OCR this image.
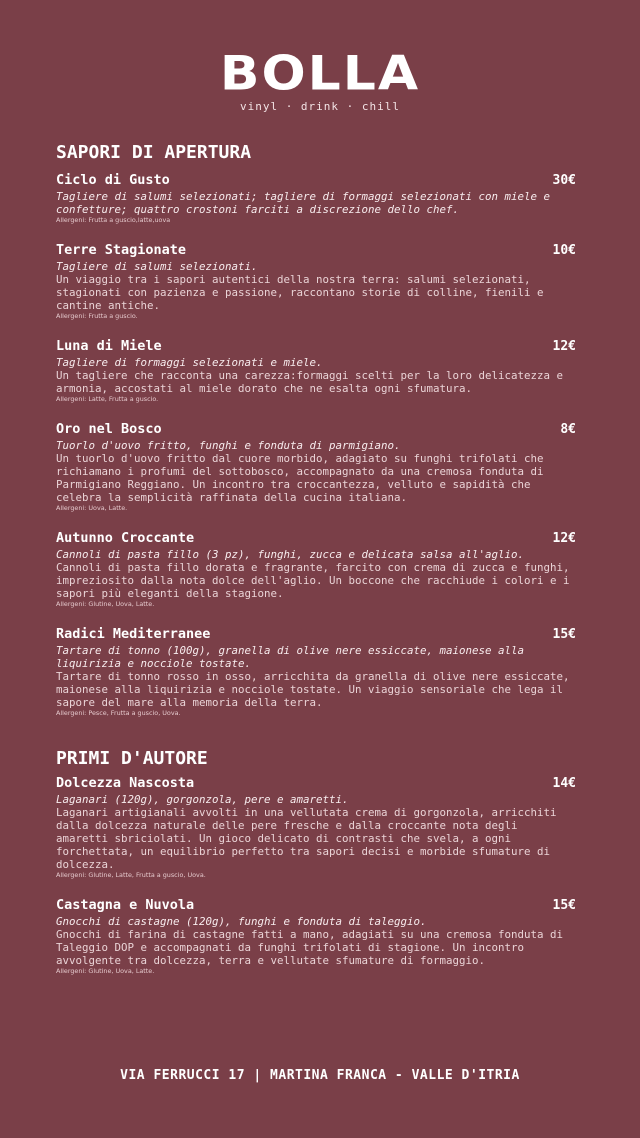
BOLLA
vinyl · drink · chill
SAPORI DI APERTURA
Ciclo di Gusto	30€
Tagliere di salumi selezionati; tagliere di formaggi selezionati con miele e confetture; quattro crostoni farciti a discrezione dello chef.
Allergeni: Frutta a guscio,latte,uova
Terre Stagionate	10€
Tagliere di salumi selezionati.
Un viaggio tra i sapori autentici della nostra terra: salumi selezionati, stagionati con pazienza e passione, raccontano storie di colline, fienili e cantine antiche.
Allergeni: Frutta a guscio.
Luna di Miele	12€
Tagliere di formaggi selezionati e miele.
Un tagliere che racconta una carezza:formaggi scelti per la loro delicatezza e armonia, accostati al miele dorato che ne esalta ogni sfumatura.
Allergeni: Latte, Frutta a guscio.
Oro nel Bosco	8€
Tuorlo d'uovo fritto, funghi e fonduta di parmigiano.
Un tuorlo d'uovo fritto dal cuore morbido, adagiato su funghi trifolati che richiamano i profumi del sottobosco, accompagnato da una cremosa fonduta di Parmigiano Reggiano. Un incontro tra croccantezza, velluto e sapidità che celebra la semplicità raffinata della cucina italiana.
Allergeni: Uova, Latte.
Autunno Croccante	12€
Cannoli di pasta fillo (3 pz), funghi, zucca e delicata salsa all'aglio.
Cannoli di pasta fillo dorata e fragrante, farcito con crema di zucca e funghi, impreziosito dalla nota dolce dell'aglio. Un boccone che racchiude i colori e i sapori più eleganti della stagione.
Allergeni: Glutine, Uova, Latte.
Radici Mediterranee	15€
Tartare di tonno (100g), granella di olive nere essiccate, maionese alla liquirizia e nocciole tostate.
Tartare di tonno rosso in osso, arricchita da granella di olive nere essiccate, maionese alla liquirizia e nocciole tostate. Un viaggio sensoriale che lega il sapore del mare alla memoria della terra.
Allergeni: Pesce, Frutta a guscio, Uova.
PRIMI D'AUTORE
Dolcezza Nascosta	14€
Laganari (120g), gorgonzola, pere e amaretti.
Laganari artigianali avvolti in una vellutata crema di gorgonzola, arricchiti dalla dolcezza naturale delle pere fresche e dalla croccante nota degli amaretti sbriciolati. Un gioco delicato di contrasti che svela, a ogni forchettata, un equilibrio perfetto tra sapori decisi e morbide sfumature di dolcezza.
Allergeni: Glutine, Latte, Frutta a guscio, Uova.
Castagna e Nuvola	15€
Gnocchi di castagne (120g), funghi e fonduta di taleggio.
Gnocchi di farina di castagne fatti a mano, adagiati su una cremosa fonduta di Taleggio DOP e accompagnati da funghi trifolati di stagione. Un incontro avvolgente tra dolcezza, terra e vellutate sfumature di formaggio.
Allergeni: Glutine, Uova, Latte.
VIA FERRUCCI 17 | MARTINA FRANCA - VALLE D'ITRIA
